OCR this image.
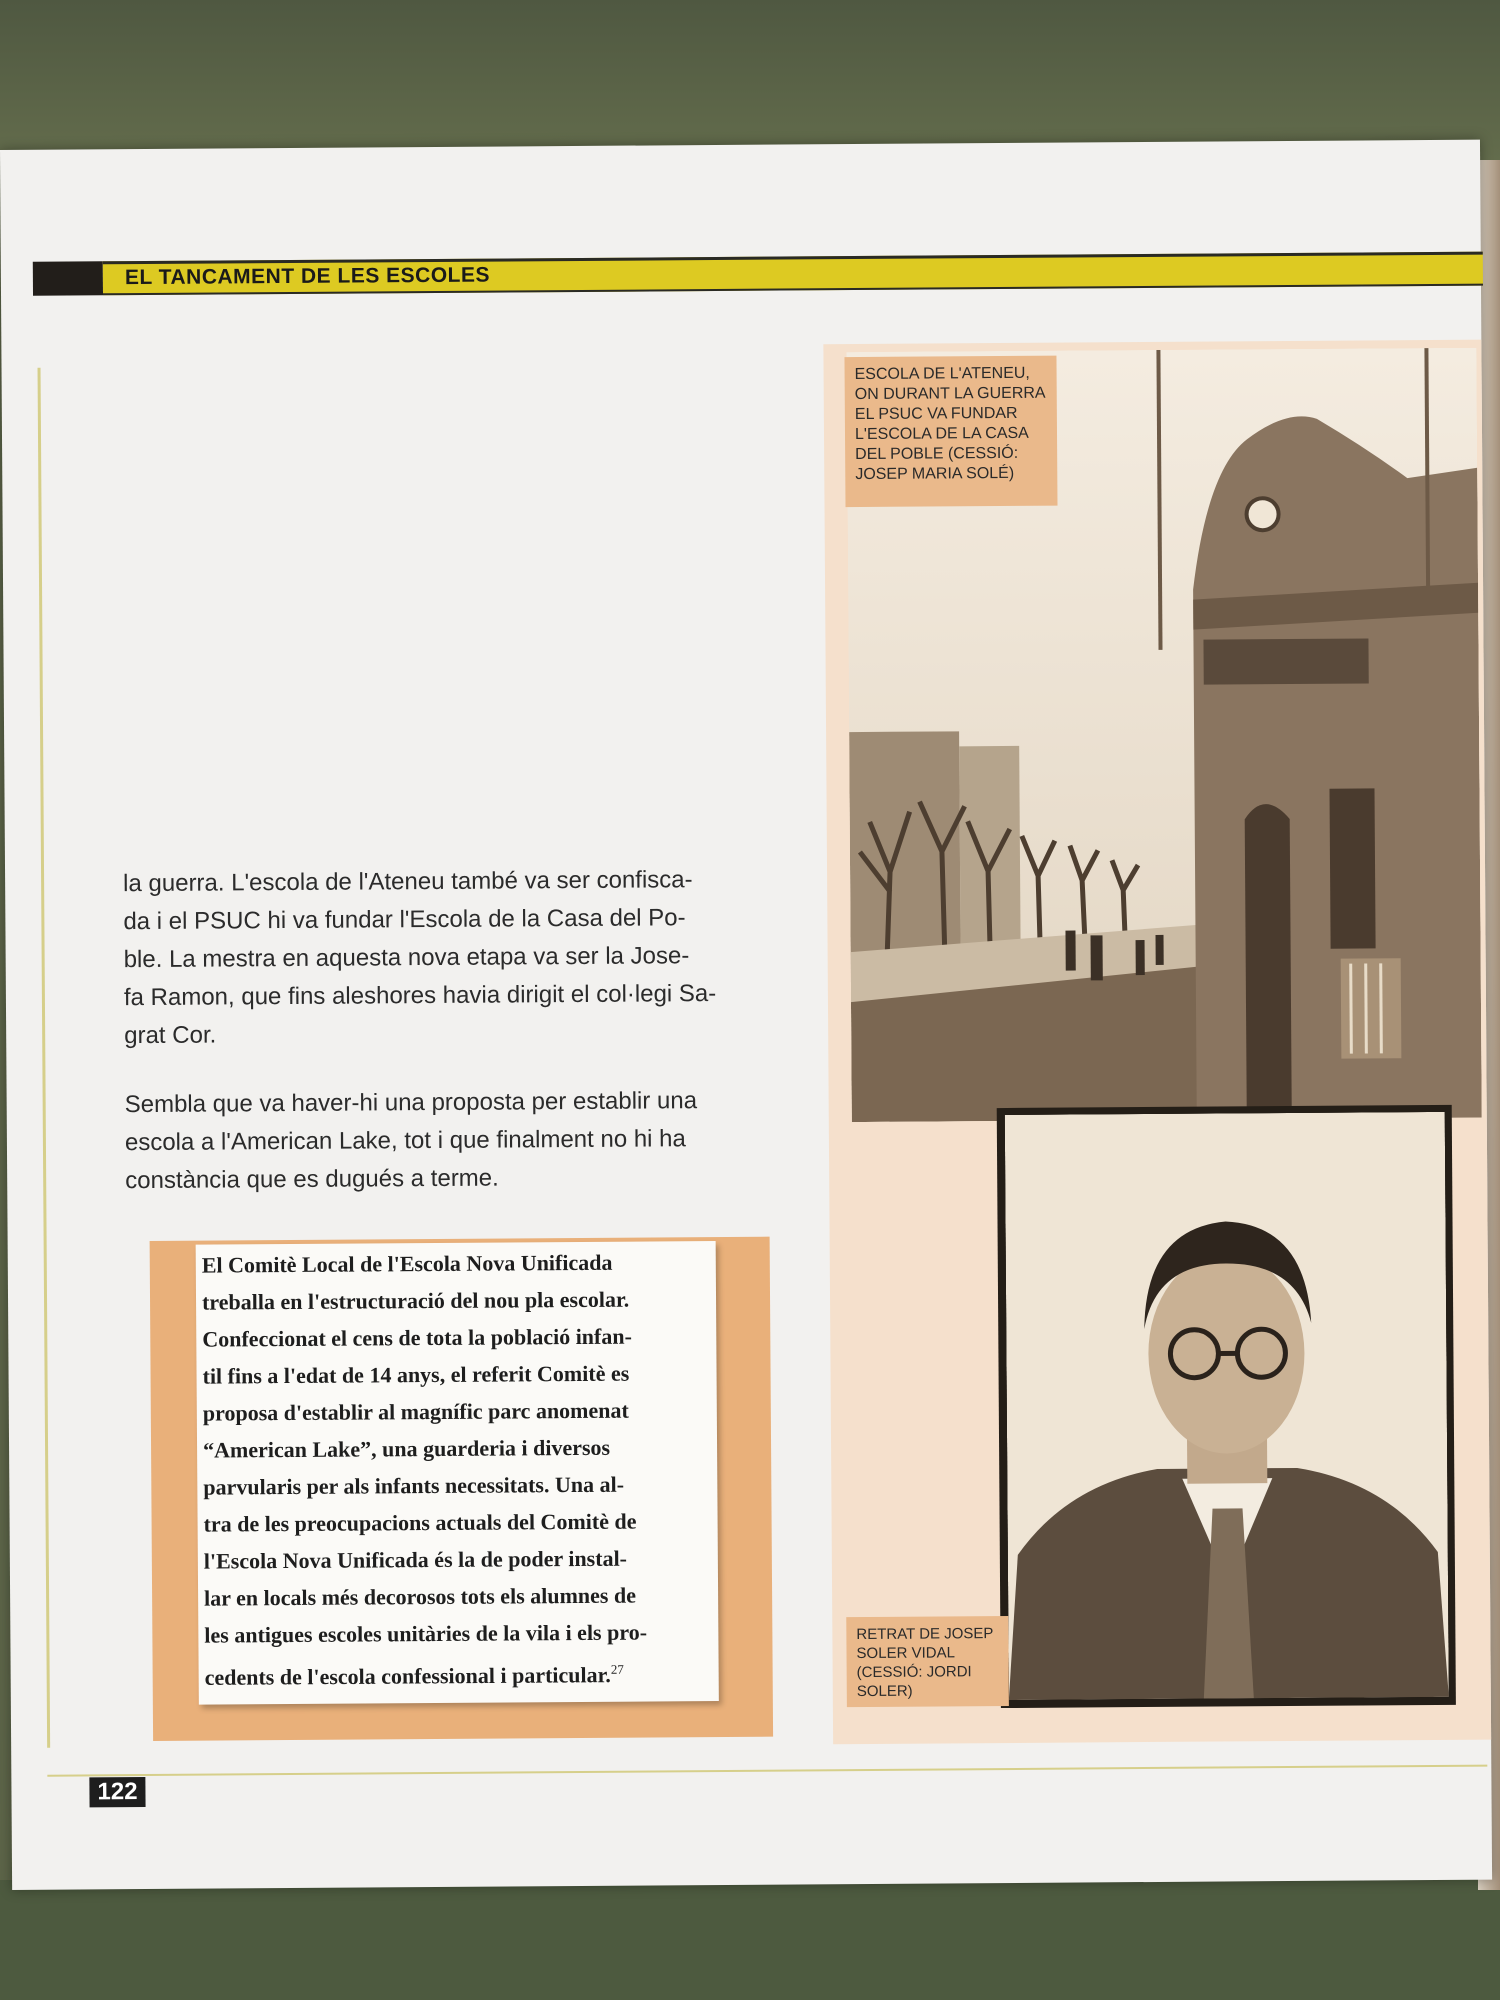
EL TANCAMENT DE LES ESCOLES
122
la guerra. L'escola de l'Ateneu també va ser confisca-
da i el PSUC hi va fundar l'Escola de la Casa del Po-
ble. La mestra en aquesta nova etapa va ser la Jose-
fa Ramon, que fins aleshores havia dirigit el col·legi Sa-
grat Cor.
Sembla que va haver-hi una proposta per establir una
escola a l'American Lake, tot i que finalment no hi ha
constància que es dugués a terme.
El Comitè Local de l'Escola Nova Unificada
treballa en l'estructuració del nou pla escolar.
Confeccionat el cens de tota la població infan-
til fins a l'edat de 14 anys, el referit Comitè es
proposa d'establir al magnífic parc anomenat
“American Lake”, una guarderia i diversos
parvularis per als infants necessitats. Una al-
tra de les preocupacions actuals del Comitè de
l'Escola Nova Unificada és la de poder instal-
lar en locals més decorosos tots els alumnes de
les antigues escoles unitàries de la vila i els pro-
cedents de l'escola confessional i particular.$^{27}$
ESCOLA DE L'ATENEU,
ON DURANT LA GUERRA
EL PSUC VA FUNDAR
L'ESCOLA DE LA CASA
DEL POBLE (CESSIÓ:
JOSEP MARIA SOLÉ)
RETRAT DE JOSEP
SOLER VIDAL
(CESSIÓ: JORDI
SOLER)
